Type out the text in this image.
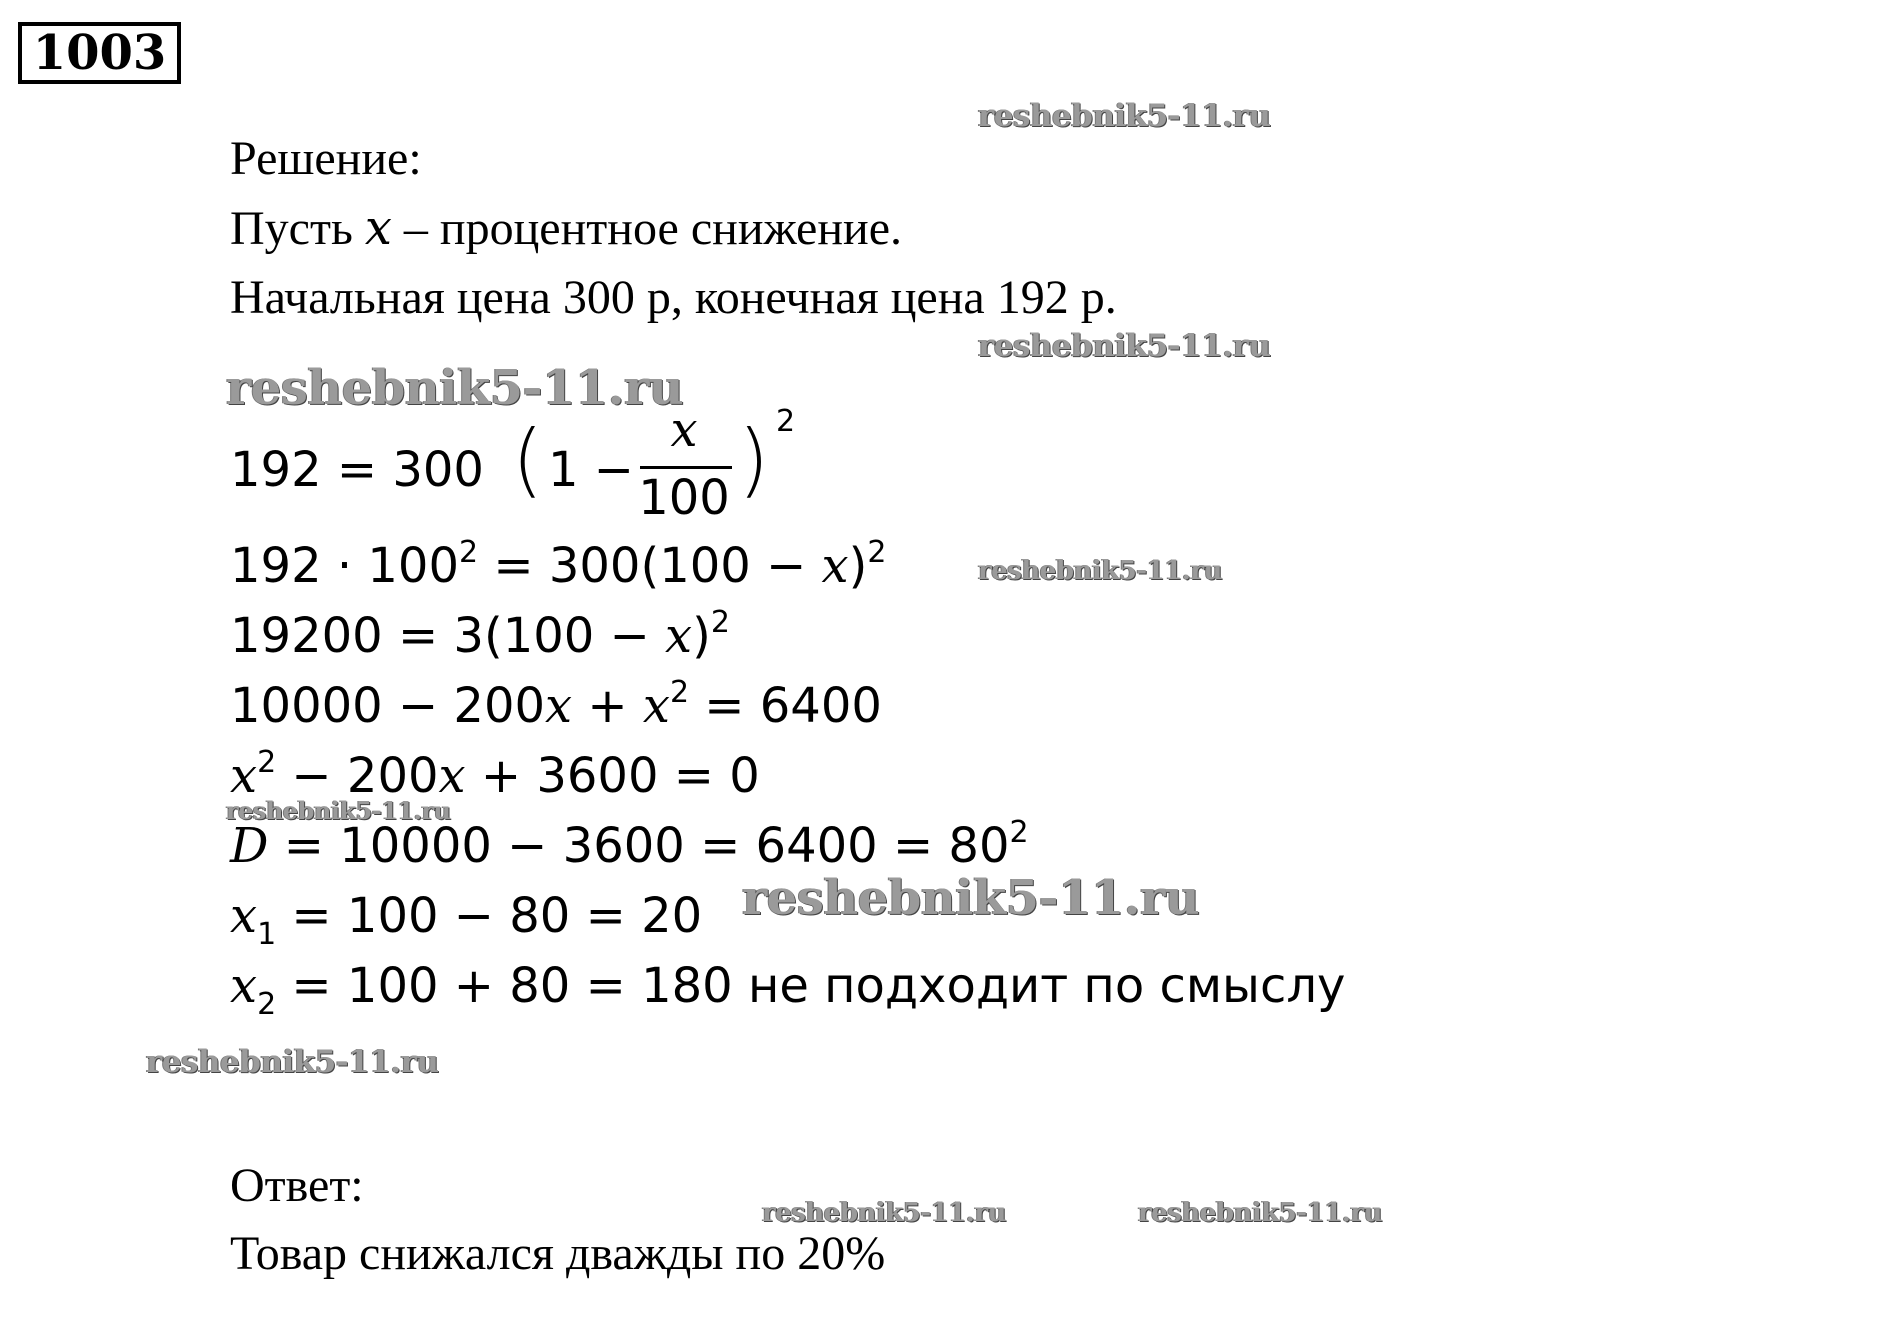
1003
Решение:
Пусть x – процентное снижение.
Начальная цена 300 р, конечная цена 192 р.
192 = 300 ( 1 −
x
100 ) 2
$192 \cdot 100^2 = 300(100 - x)^2$
$19200 = 3(100 - x)^2$
$10000 - 200x + x^2 = 6400$
$x^2 - 200x + 3600 = 0$
$D = 10000 - 3600 = 6400 = 80^2$
$x_1 = 100 - 80 = 20$
$x_2 = 100 + 80 = 180$ не подходит по смыслу
Ответ:
Товар снижался дважды по 20%
reshebnik5-11.ru
reshebnik5-11.ru
reshebnik5-11.ru
reshebnik5-11.ru
reshebnik5-11.ru
reshebnik5-11.ru
reshebnik5-11.ru
reshebnik5-11.ru	reshebnik5-11.ru
